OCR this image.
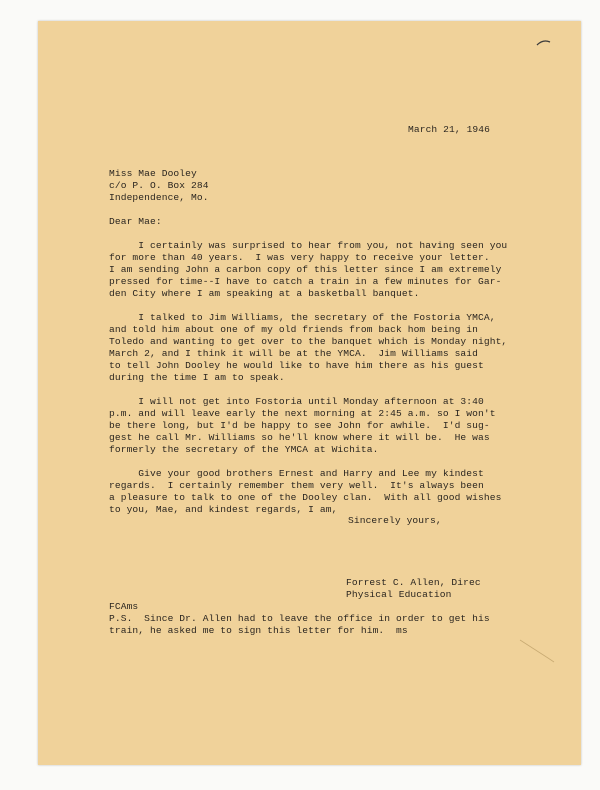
March 21, 1946

Miss Mae Dooley

c/o P. O. Box 284

Independence, Mo.

Dear Mae:

I certainly was surprised to hear from you, not having seen you

for more than 40 years.  I was very happy to receive your letter.

I am sending John a carbon copy of this letter since I am extremely

pressed for time--I have to catch a train in a few minutes for Gar-

den City where I am speaking at a basketball banquet.

I talked to Jim Williams, the secretary of the Fostoria YMCA,

and told him about one of my old friends from back hom being in

Toledo and wanting to get over to the banquet which is Monday night,

March 2, and I think it will be at the YMCA.  Jim Williams said

to tell John Dooley he would like to have him there as his guest

during the time I am to speak.

I will not get into Fostoria until Monday afternoon at 3:40

p.m. and will leave early the next morning at 2:45 a.m. so I won't

be there long, but I'd be happy to see John for awhile.  I'd sug-

gest he call Mr. Williams so he'll know where it will be.  He was

formerly the secretary of the YMCA at Wichita.

Give your good brothers Ernest and Harry and Lee my kindest

regards.  I certainly remember them very well.  It's always been

a pleasure to talk to one of the Dooley clan.  With all good wishes

to you, Mae, and kindest regards, I am,

Sincerely yours,

Forrest C. Allen, Direc

Physical Education

FCAms

P.S.  Since Dr. Allen had to leave the office in order to get his

train, he asked me to sign this letter for him.  ms
